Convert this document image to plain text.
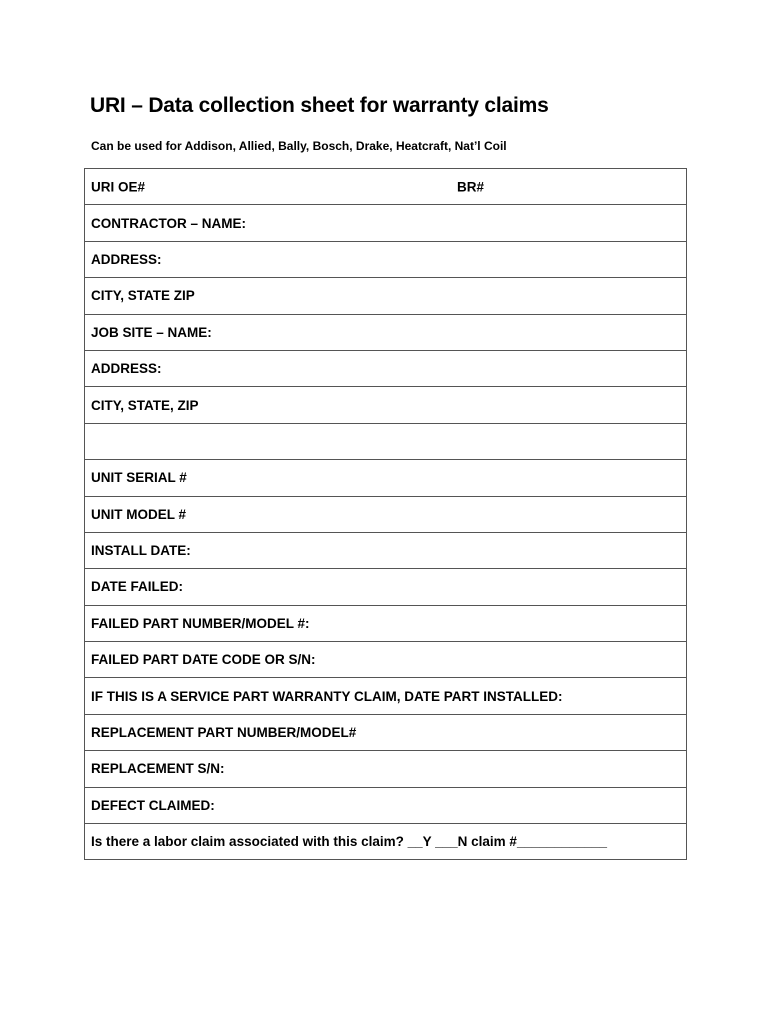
URI – Data collection sheet for warranty claims
Can be used for Addison, Allied, Bally, Bosch, Drake, Heatcraft, Nat’l Coil
URI OE#	BR#

CONTRACTOR – NAME:
ADDRESS:
CITY, STATE ZIP
JOB SITE – NAME:
ADDRESS:
CITY, STATE, ZIP

UNIT SERIAL #
UNIT MODEL #
INSTALL DATE:
DATE FAILED:
FAILED PART NUMBER/MODEL #:
FAILED PART DATE CODE OR S/N:
IF THIS IS A SERVICE PART WARRANTY CLAIM, DATE PART INSTALLED:
REPLACEMENT PART NUMBER/MODEL#
REPLACEMENT S/N:
DEFECT CLAIMED:
Is there a labor claim associated with this claim? __Y ___N claim #____________
